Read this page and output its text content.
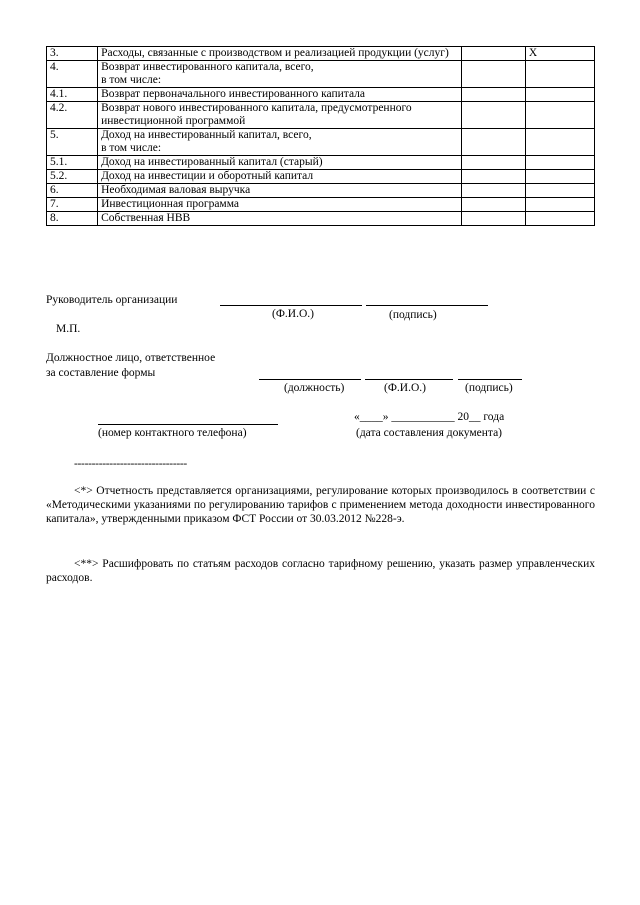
3.	Расходы, связанные с производством и реализацией продукции (услуг)		X
4.	Возврат инвестированного капитала, всего,
в том числе:		
4.1.	Возврат первоначального инвестированного капитала		
4.2.	Возврат нового инвестированного капитала, предусмотренного инвестиционной программой		
5.	Доход на инвестированный капитал, всего,
в том числе:		
5.1.	Доход на инвестированный капитал (старый)		
5.2.	Доход на инвестиции и оборотный капитал		
6.	Необходимая валовая выручка		
7.	Инвестиционная программа		
8.	Собственная НВВ		
Руководитель организации
(Ф.И.О.)	(подпись)
М.П.
Должностное лицо, ответственное
за составление формы
(должность)	(Ф.И.О.)	(подпись)
«____» ___________ 20__ года
(номер контактного телефона)	(дата составления документа)
--------------------------------

<*> Отчетность представляется организациями, регулирование которых производилось в соответствии с «Методическими указаниями по регулированию тарифов с применением метода доходности инвестированного капитала», утвержденными приказом ФСТ России от 30.03.2012 №228-э.

<**> Расшифровать по статьям расходов согласно тарифному решению, указать размер управленческих расходов.
